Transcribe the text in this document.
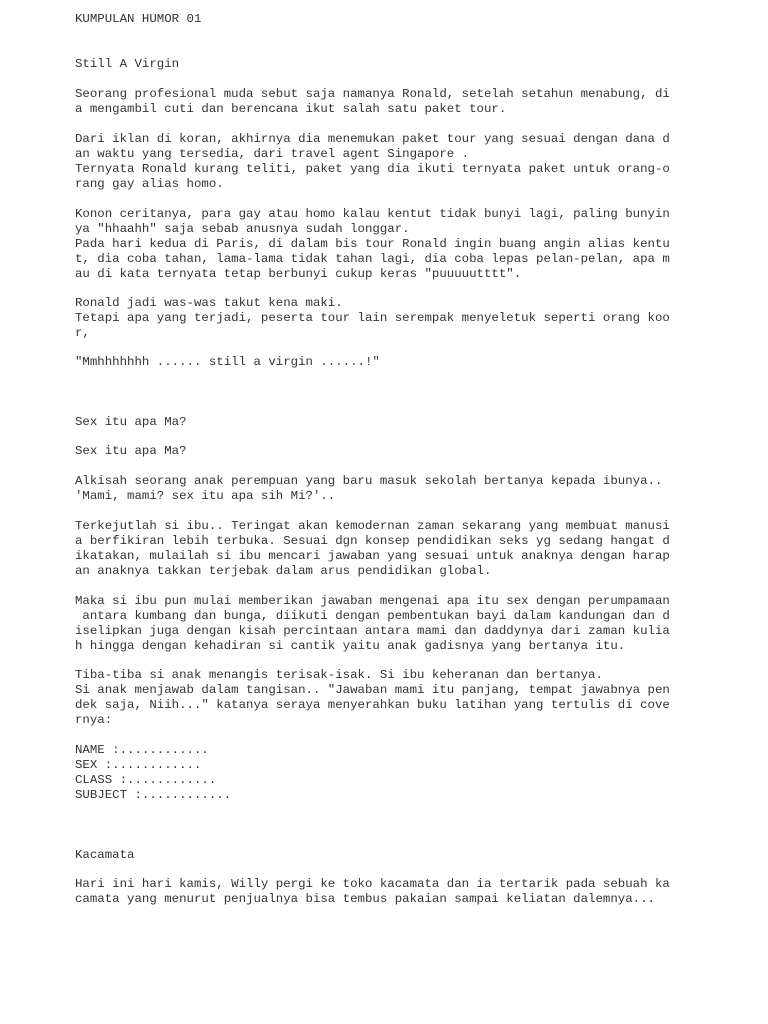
KUMPULAN HUMOR 01

Still A Virgin

Seorang profesional muda sebut saja namanya Ronald, setelah setahun menabung, di

a mengambil cuti dan berencana ikut salah satu paket tour.

Dari iklan di koran, akhirnya dia menemukan paket tour yang sesuai dengan dana d

an waktu yang tersedia, dari travel agent Singapore .

Ternyata Ronald kurang teliti, paket yang dia ikuti ternyata paket untuk orang-o

rang gay alias homo.

Konon ceritanya, para gay atau homo kalau kentut tidak bunyi lagi, paling bunyin

ya "hhaahh" saja sebab anusnya sudah longgar.

Pada hari kedua di Paris, di dalam bis tour Ronald ingin buang angin alias kentu

t, dia coba tahan, lama-lama tidak tahan lagi, dia coba lepas pelan-pelan, apa m

au di kata ternyata tetap berbunyi cukup keras "puuuuutttt".

Ronald jadi was-was takut kena maki.

Tetapi apa yang terjadi, peserta tour lain serempak menyeletuk seperti orang koo

r,

"Mmhhhhhhh ...... still a virgin ......!"

Sex itu apa Ma?

Sex itu apa Ma?

Alkisah seorang anak perempuan yang baru masuk sekolah bertanya kepada ibunya..

'Mami, mami? sex itu apa sih Mi?'..

Terkejutlah si ibu.. Teringat akan kemodernan zaman sekarang yang membuat manusi

a berfikiran lebih terbuka. Sesuai dgn konsep pendidikan seks yg sedang hangat d

ikatakan, mulailah si ibu mencari jawaban yang sesuai untuk anaknya dengan harap

an anaknya takkan terjebak dalam arus pendidikan global.

Maka si ibu pun mulai memberikan jawaban mengenai apa itu sex dengan perumpamaan

antara kumbang dan bunga, diikuti dengan pembentukan bayi dalam kandungan dan d

iselipkan juga dengan kisah percintaan antara mami dan daddynya dari zaman kulia

h hingga dengan kehadiran si cantik yaitu anak gadisnya yang bertanya itu.

Tiba-tiba si anak menangis terisak-isak. Si ibu keheranan dan bertanya.

Si anak menjawab dalam tangisan.. "Jawaban mami itu panjang, tempat jawabnya pen

dek saja, Niih..." katanya seraya menyerahkan buku latihan yang tertulis di cove

rnya:

NAME :............

SEX :............

CLASS :............

SUBJECT :............

Kacamata

Hari ini hari kamis, Willy pergi ke toko kacamata dan ia tertarik pada sebuah ka

camata yang menurut penjualnya bisa tembus pakaian sampai keliatan dalemnya...
